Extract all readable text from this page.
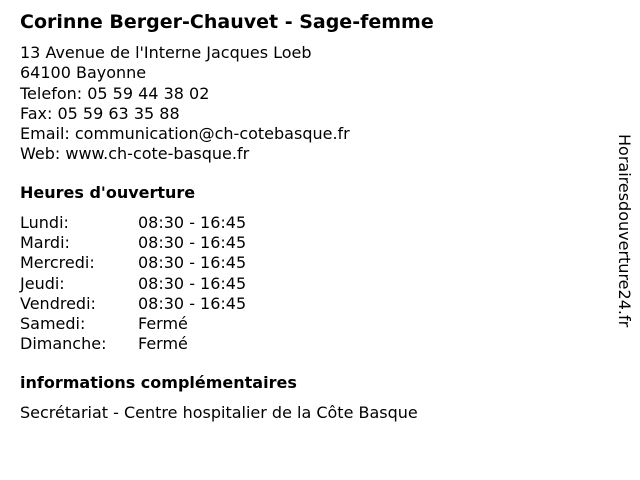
Corinne Berger-Chauvet - Sage-femme
13 Avenue de l'Interne Jacques Loeb
64100 Bayonne
Telefon: 05 59 44 38 02
Fax: 05 59 63 35 88
Email: communication@ch-cotebasque.fr
Web: www.ch-cote-basque.fr
Heures d'ouverture
Lundi:	08:30 - 16:45
Mardi:	08:30 - 16:45
Mercredi:	08:30 - 16:45
Jeudi:	08:30 - 16:45
Vendredi:	08:30 - 16:45
Samedi:	Fermé
Dimanche:	Fermé
informations complémentaires
Secrétariat - Centre hospitalier de la Côte Basque
Horairesdouverture24.fr
